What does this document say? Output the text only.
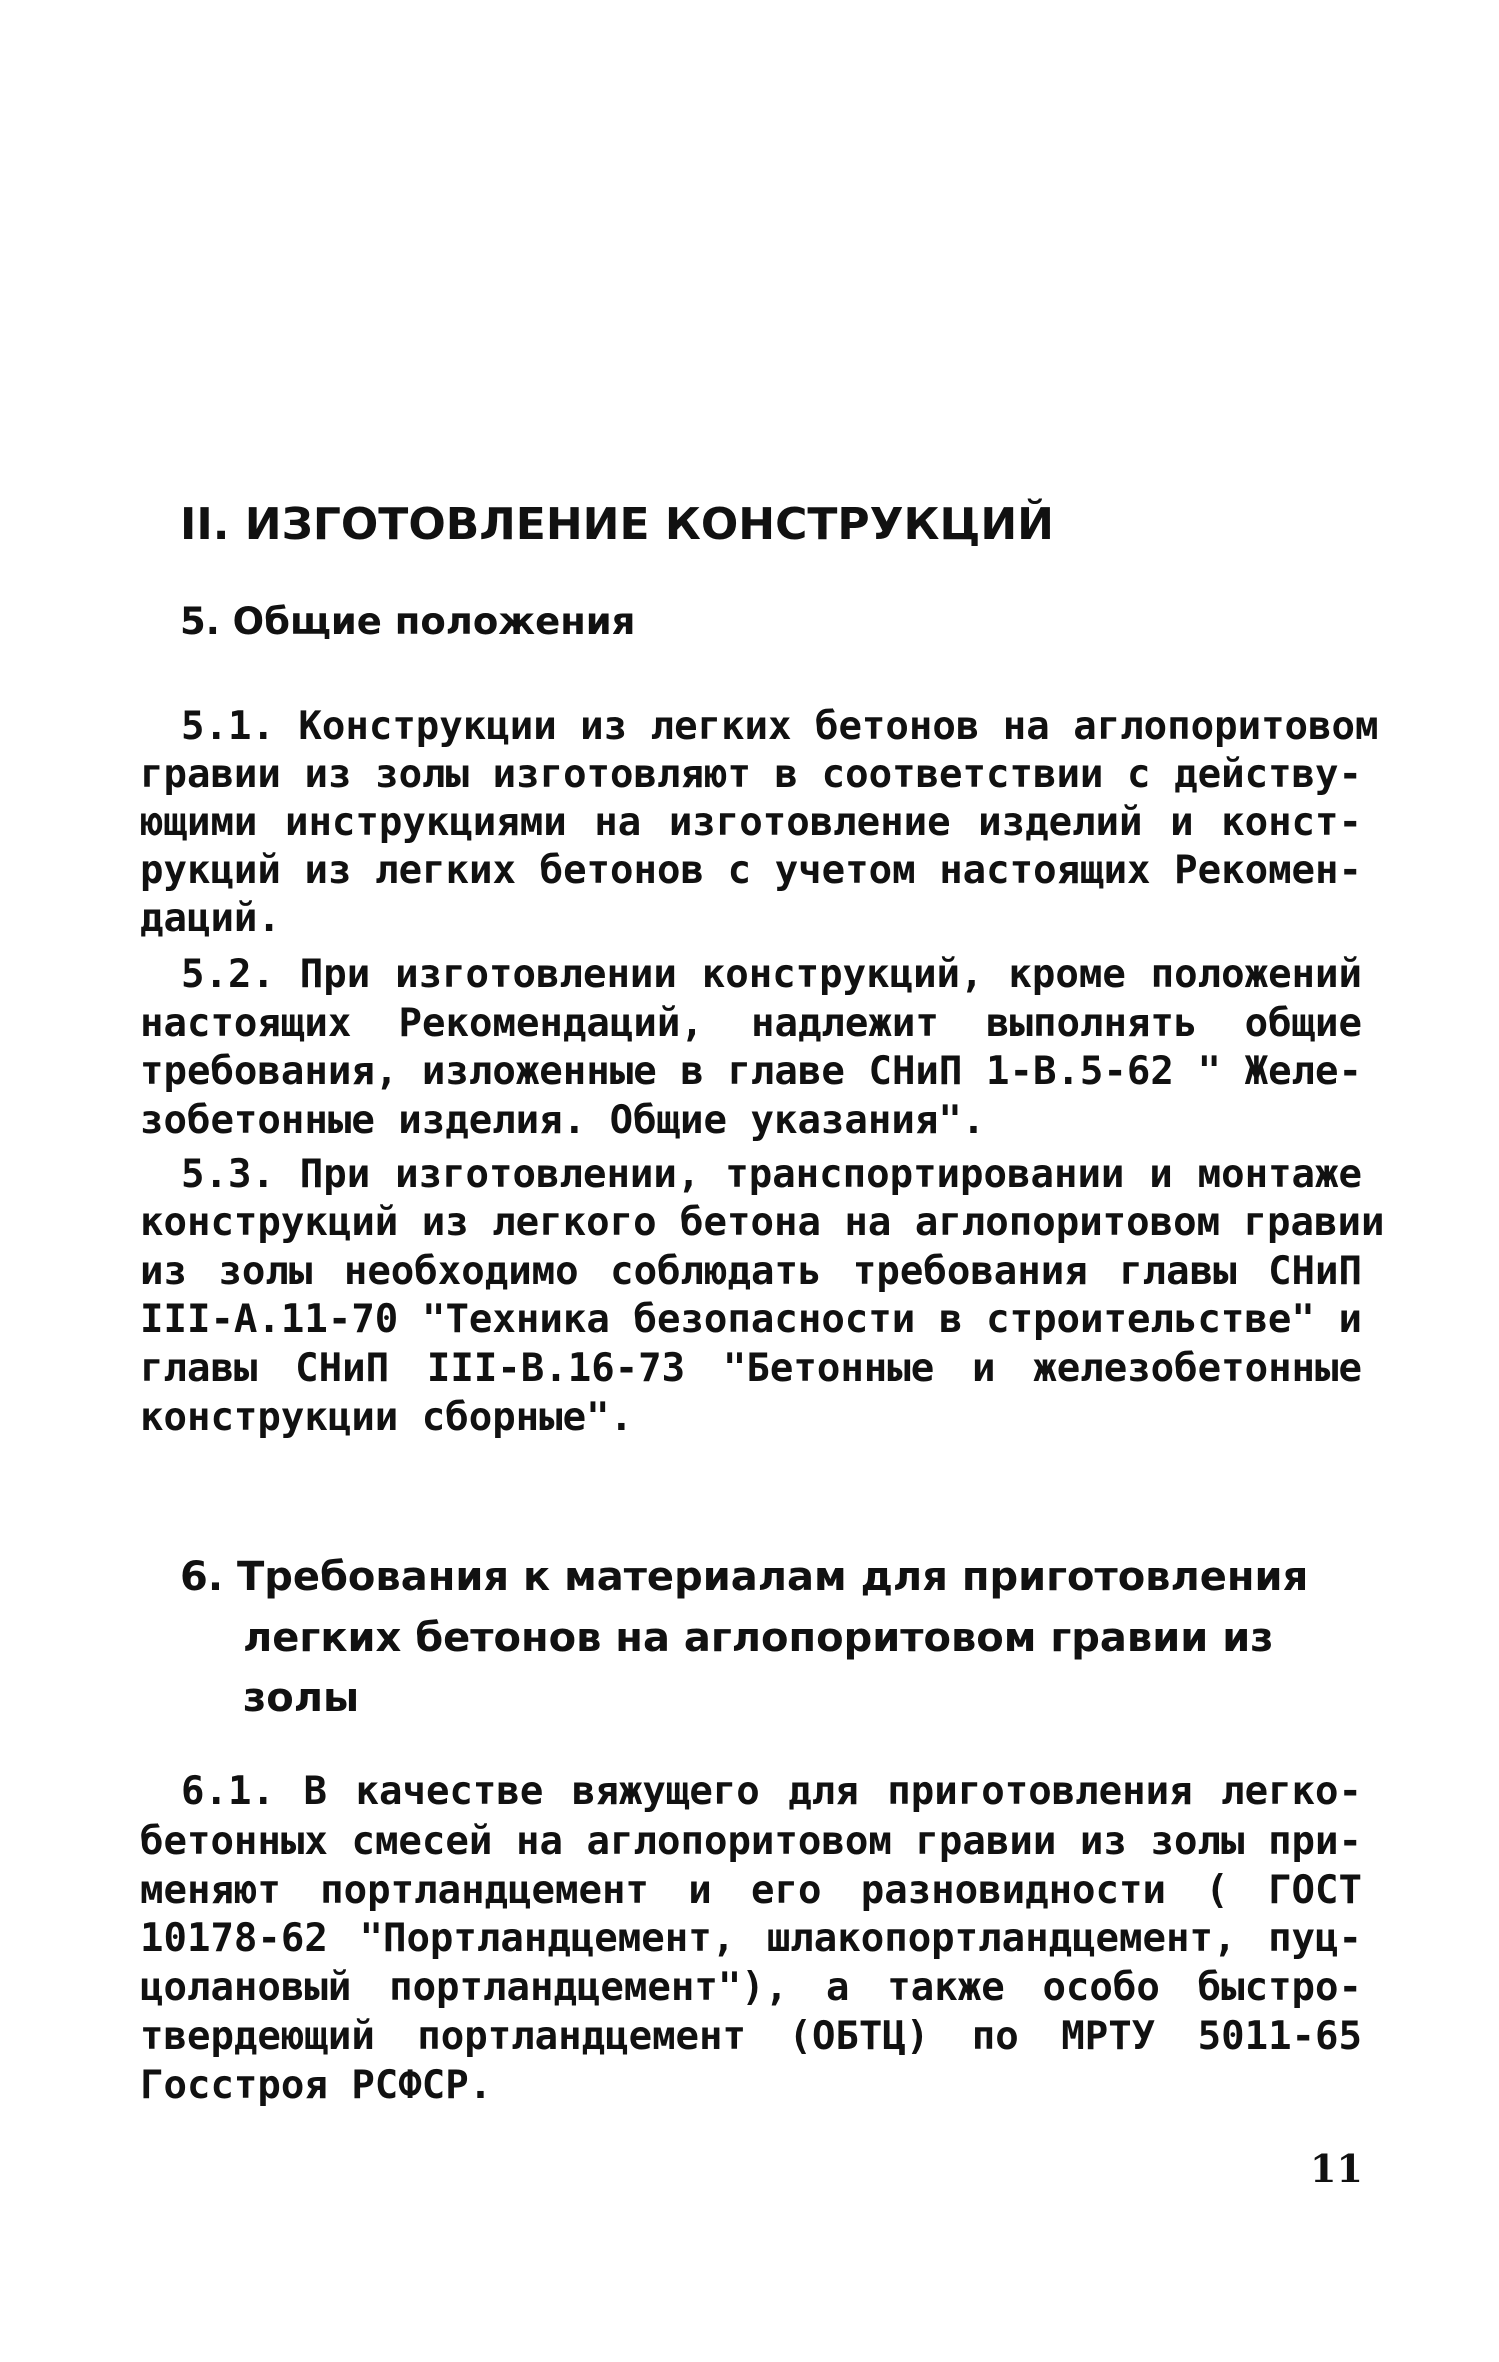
II. ИЗГОТОВЛЕНИЕ КОНСТРУКЦИЙ
5. Общие положения
5.1. Конструкции из легких бетонов на аглопоритовом
гравии из золы изготовляют в соответствии с действу-
ющими инструкциями на изготовление изделий и конст-
рукций из легких бетонов с учетом настоящих Рекомен-
даций.
5.2. При изготовлении конструкций, кроме положений
настоящих Рекомендаций, надлежит выполнять общие
требования, изложенные в главе СНиП 1-В.5-62 " Желе-
зобетонные изделия. Общие указания".
5.3. При изготовлении, транспортировании и монтаже
конструкций из легкого бетона на аглопоритовом гравии
из золы необходимо соблюдать требования главы СНиП
III-А.11-70 "Техника безопасности в строительстве" и
главы СНиП III-В.16-73 "Бетонные и железобетонные
конструкции сборные".
6. Требования к материалам для приготовления
легких бетонов на аглопоритовом гравии из
золы
6.1. В качестве вяжущего для приготовления легко-
бетонных смесей на аглопоритовом гравии из золы при-
меняют портландцемент и его разновидности ( ГОСТ
10178-62 "Портландцемент, шлакопортландцемент, пуц-
цолановый портландцемент"), а также особо быстро-
твердеющий портландцемент (ОБТЦ) по МРТУ 5011-65
Госстроя РСФСР.
11
